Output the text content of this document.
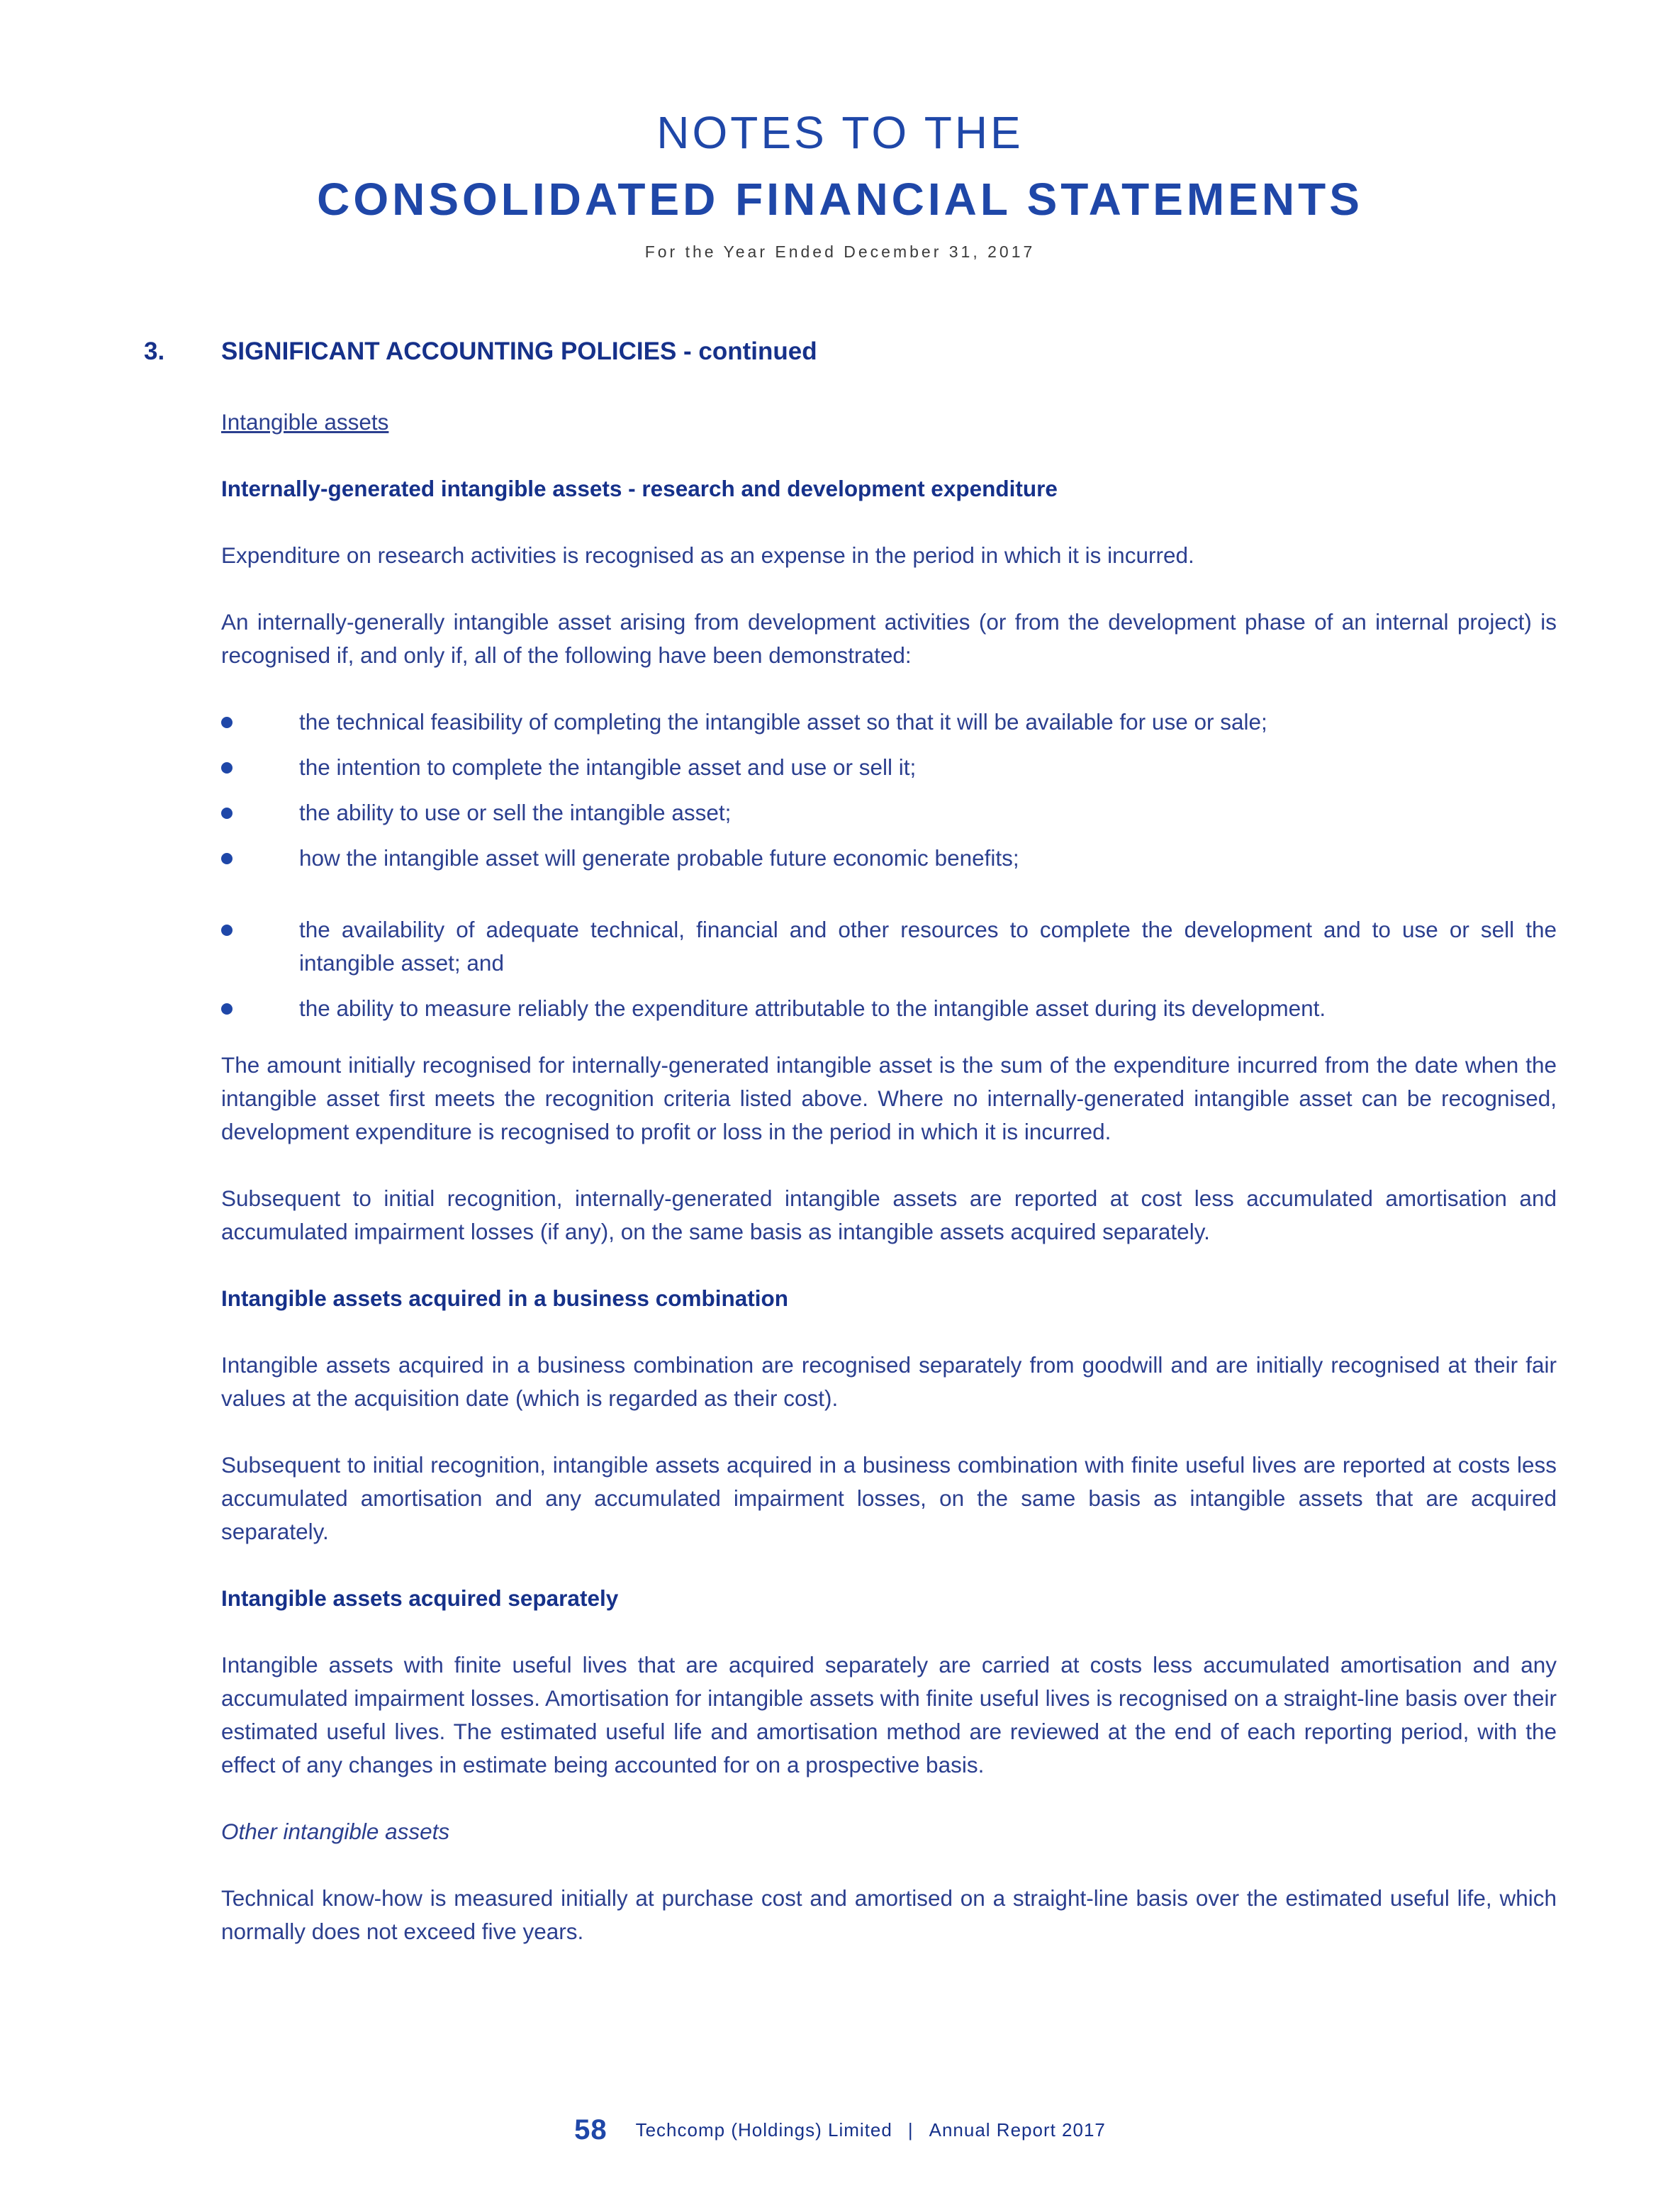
NOTES TO THE
CONSOLIDATED FINANCIAL STATEMENTS
For the Year Ended December 31, 2017
3. SIGNIFICANT ACCOUNTING POLICIES - continued

Intangible assets

Internally-generated intangible assets - research and development expenditure

Expenditure on research activities is recognised as an expense in the period in which it is incurred.

An internally-generally intangible asset arising from development activities (or from the development phase of an internal project) is recognised if, and only if, all of the following have been demonstrated:

the technical feasibility of completing the intangible asset so that it will be available for use or sale;
the intention to complete the intangible asset and use or sell it;
the ability to use or sell the intangible asset;
how the intangible asset will generate probable future economic benefits;
the availability of adequate technical, financial and other resources to complete the development and to use or sell the intangible asset; and
the ability to measure reliably the expenditure attributable to the intangible asset during its development.

The amount initially recognised for internally-generated intangible asset is the sum of the expenditure incurred from the date when the intangible asset first meets the recognition criteria listed above. Where no internally-generated intangible asset can be recognised, development expenditure is recognised to profit or loss in the period in which it is incurred.

Subsequent to initial recognition, internally-generated intangible assets are reported at cost less accumulated amortisation and accumulated impairment losses (if any), on the same basis as intangible assets acquired separately.

Intangible assets acquired in a business combination

Intangible assets acquired in a business combination are recognised separately from goodwill and are initially recognised at their fair values at the acquisition date (which is regarded as their cost).

Subsequent to initial recognition, intangible assets acquired in a business combination with finite useful lives are reported at costs less accumulated amortisation and any accumulated impairment losses, on the same basis as intangible assets that are acquired separately.

Intangible assets acquired separately

Intangible assets with finite useful lives that are acquired separately are carried at costs less accumulated amortisation and any accumulated impairment losses. Amortisation for intangible assets with finite useful lives is recognised on a straight-line basis over their estimated useful lives. The estimated useful life and amortisation method are reviewed at the end of each reporting period, with the effect of any changes in estimate being accounted for on a prospective basis.

Other intangible assets

Technical know-how is measured initially at purchase cost and amortised on a straight-line basis over the estimated useful life, which normally does not exceed five years.

58 Techcomp (Holdings) Limited | Annual Report 2017
